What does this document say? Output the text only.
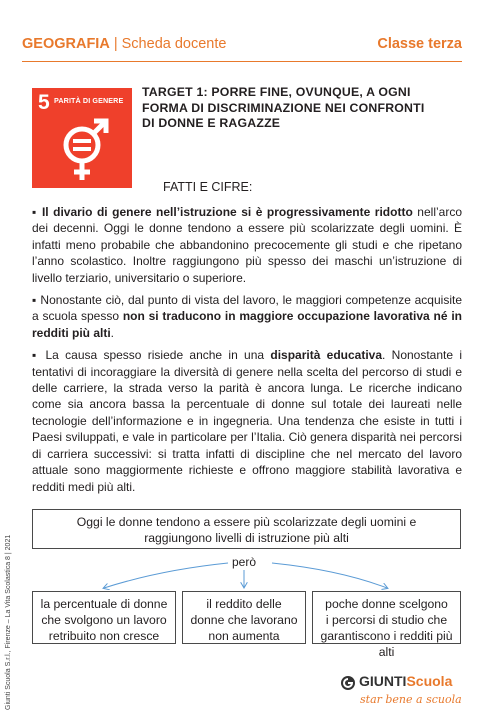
GEOGRAFIA | Scheda docente	Classe terza
5 PARITÀ DI GENERE
TARGET 1: PORRE FINE, OVUNQUE, A OGNI
FORMA DI DISCRIMINAZIONE NEI CONFRONTI
DI DONNE E RAGAZZE
FATTI E CIFRE:

▪ Il divario di genere nell’istruzione si è progressivamente ridotto nell’arco dei decenni. Oggi le donne tendono a essere più scolarizzate degli uomini. È infatti meno probabile che abbandonino precocemente gli studi e che ripetano l’anno scolastico. Inoltre raggiungono più spesso dei maschi un’istruzione di livello terziario, universitario o superiore.

▪ Nonostante ciò, dal punto di vista del lavoro, le maggiori competenze acquisite a scuola spesso non si traducono in maggiore occupazione lavorativa né in redditi più alti.

▪ La causa spesso risiede anche in una disparità educativa. Nonostante i tentativi di incoraggiare la diversità di genere nella scelta del percorso di studi e delle carriere, la strada verso la parità è ancora lunga. Le ricerche indicano come sia ancora bassa la percentuale di donne sul totale dei laureati nelle tecnologie dell’informazione e in ingegneria. Una tendenza che esiste in tutti i Paesi sviluppati, e vale in particolare per l’Italia. Ciò genera disparità nei percorsi di carriera successivi: si tratta infatti di discipline che nel mercato del lavoro attuale sono maggiormente richieste e offrono maggiore stabilità lavorativa e redditi medi più alti.

Oggi le donne tendono a essere più scolarizzate degli uomini e
raggiungono livelli di istruzione più alti
però
la percentuale di donne
che svolgono un lavoro
retribuito non cresce
il reddito delle
donne che lavorano
non aumenta
poche donne scelgono
i percorsi di studio che
garantiscono i redditi più alti
Giunti Scuola S.r.l., Firenze – La Vita Scolastica 8 | 2021	GIUNTIScuola
star bene a scuola
